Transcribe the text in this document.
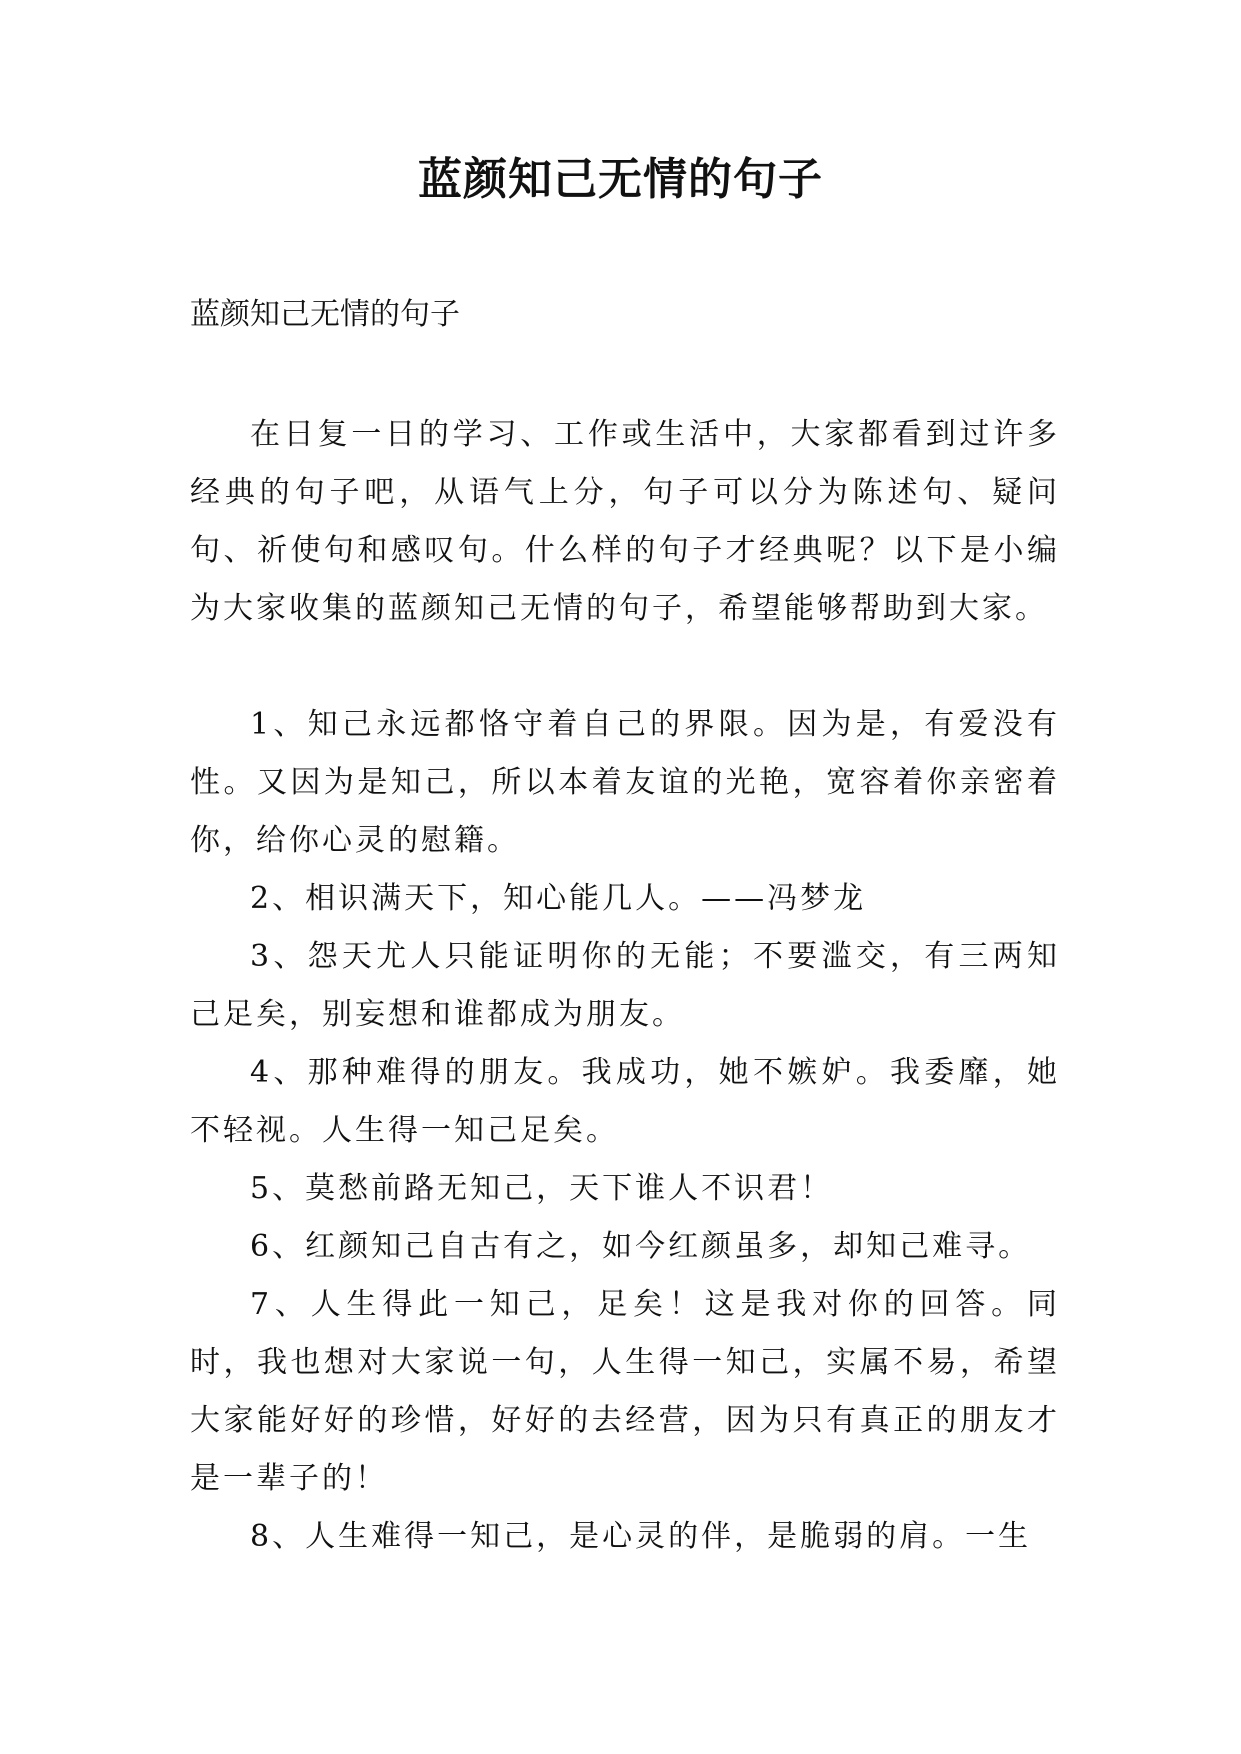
蓝颜知己无情的句子

蓝颜知己无情的句子

在日复一日的学习、工作或生活中，大家都看到过许多经典的句子吧，从语气上分，句子可以分为陈述句、疑问句、祈使句和感叹句。什么样的句子才经典呢？以下是小编为大家收集的蓝颜知己无情的句子，希望能够帮助到大家。

1、知己永远都恪守着自己的界限。因为是，有爱没有性。又因为是知己，所以本着友谊的光艳，宽容着你亲密着你，给你心灵的慰籍。

2、相识满天下，知心能几人。——冯梦龙

3、怨天尤人只能证明你的无能；不要滥交，有三两知己足矣，别妄想和谁都成为朋友。

4、那种难得的朋友。我成功，她不嫉妒。我委靡，她不轻视。人生得一知己足矣。

5、莫愁前路无知己，天下谁人不识君！

6、红颜知己自古有之，如今红颜虽多，却知己难寻。

7、人生得此一知己，足矣！这是我对你的回答。同时，我也想对大家说一句，人生得一知己，实属不易，希望大家能好好的珍惜，好好的去经营，因为只有真正的朋友才是一辈子的！

8、人生难得一知己，是心灵的伴，是脆弱的肩。一生
